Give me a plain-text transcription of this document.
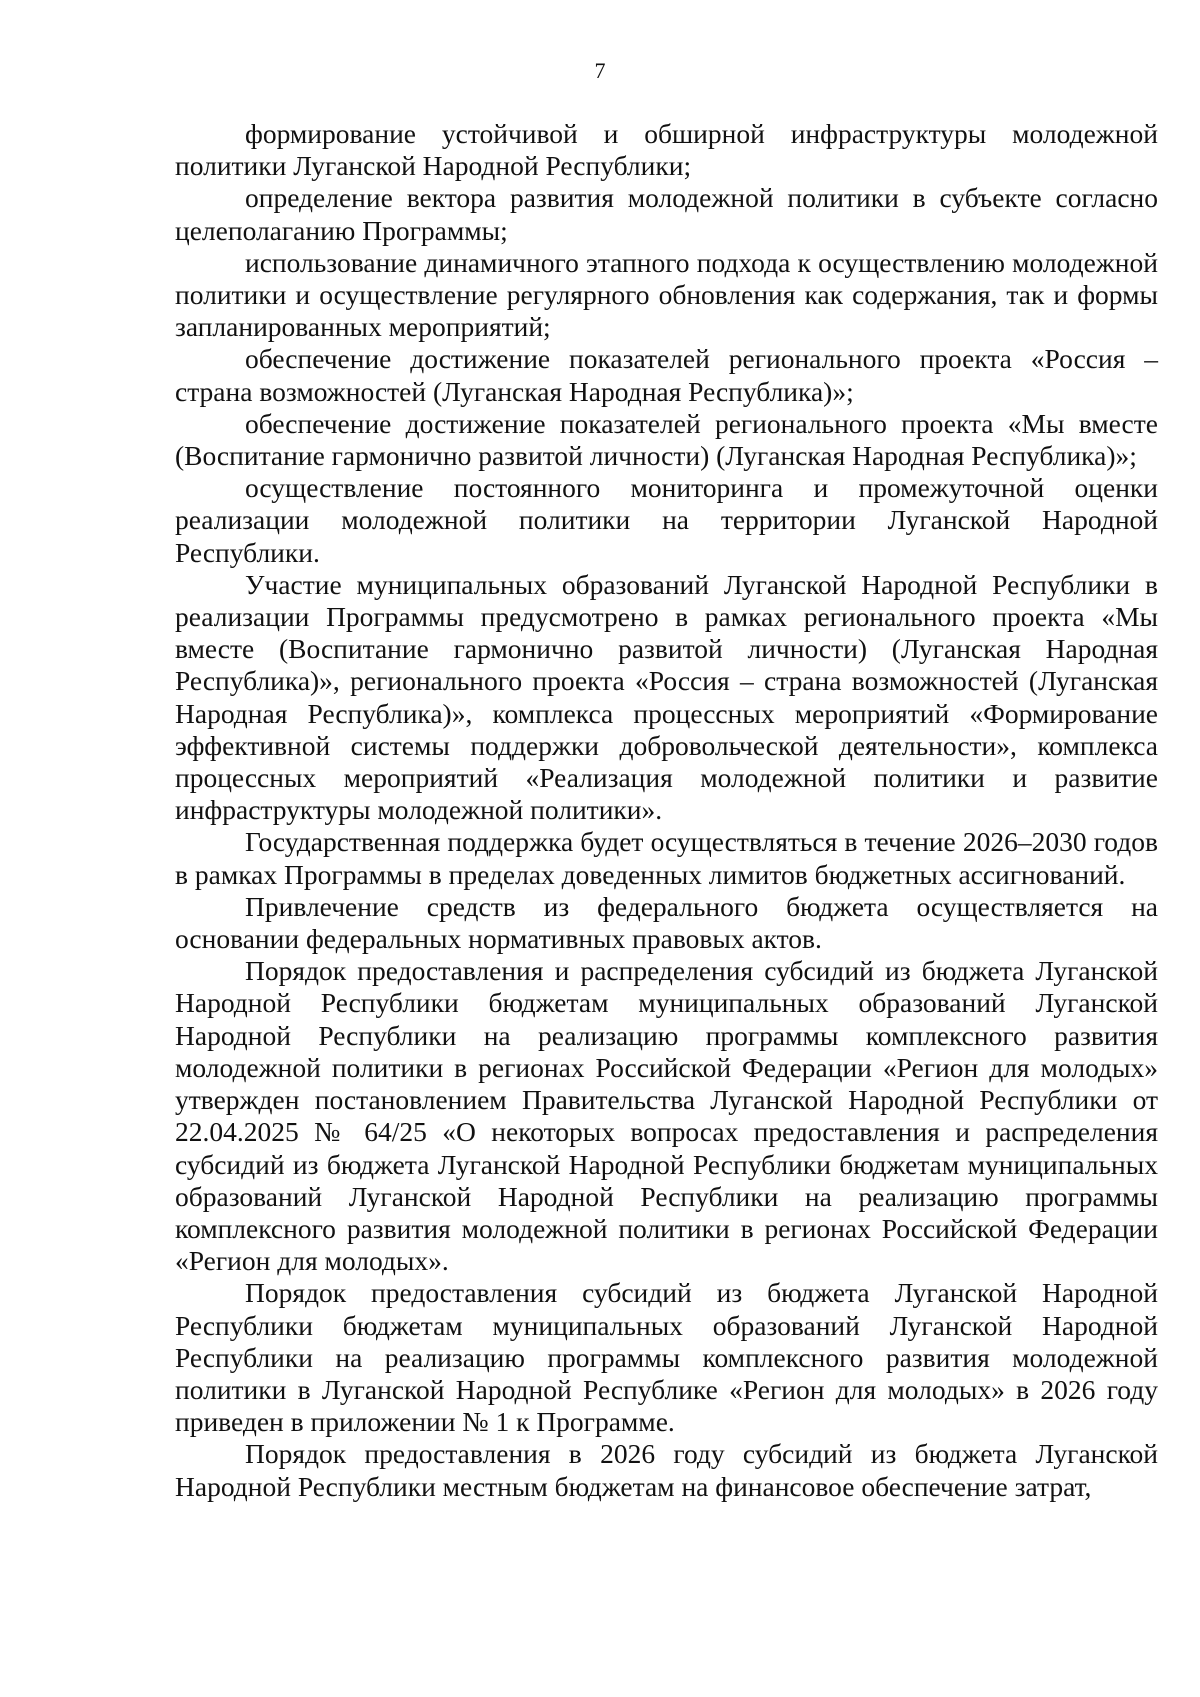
7

формирование устойчивой и обширной инфраструктуры молодежной политики Луганской Народной Республики;

определение вектора развития молодежной политики в субъекте согласно целеполаганию Программы;

использование динамичного этапного подхода к осуществлению молодежной политики и осуществление регулярного обновления как содержания, так и формы запланированных мероприятий;

обеспечение достижение показателей регионального проекта «Россия – страна возможностей (Луганская Народная Республика)»;

обеспечение достижение показателей регионального проекта «Мы вместе (Воспитание гармонично развитой личности) (Луганская Народная Республика)»;

осуществление постоянного мониторинга и промежуточной оценки реализации молодежной политики на территории Луганской Народной Республики.

Участие муниципальных образований Луганской Народной Республики в реализации Программы предусмотрено в рамках регионального проекта «Мы вместе (Воспитание гармонично развитой личности) (Луганская Народная Республика)», регионального проекта «Россия – страна возможностей (Луганская Народная Республика)», комплекса процессных мероприятий «Формирование эффективной системы поддержки добровольческой деятельности», комплекса процессных мероприятий «Реализация молодежной политики и развитие инфраструктуры молодежной политики».

Государственная поддержка будет осуществляться в течение 2026–2030 годов в рамках Программы в пределах доведенных лимитов бюджетных ассигнований.

Привлечение средств из федерального бюджета осуществляется на основании федеральных нормативных правовых актов.

Порядок предоставления и распределения субсидий из бюджета Луганской Народной Республики бюджетам муниципальных образований Луганской Народной Республики на реализацию программы комплексного развития молодежной политики в регионах Российской Федерации «Регион для молодых» утвержден постановлением Правительства Луганской Народной Республики от 22.04.2025 № 64/25 «О некоторых вопросах предоставления и распределения субсидий из бюджета Луганской Народной Республики бюджетам муниципальных образований Луганской Народной Республики на реализацию программы комплексного развития молодежной политики в регионах Российской Федерации «Регион для молодых».

Порядок предоставления субсидий из бюджета Луганской Народной Республики бюджетам муниципальных образований Луганской Народной Республики на реализацию программы комплексного развития молодежной политики в Луганской Народной Республике «Регион для молодых» в 2026 году приведен в приложении № 1 к Программе.

Порядок предоставления в 2026 году субсидий из бюджета Луганской Народной Республики местным бюджетам на финансовое обеспечение затрат,
